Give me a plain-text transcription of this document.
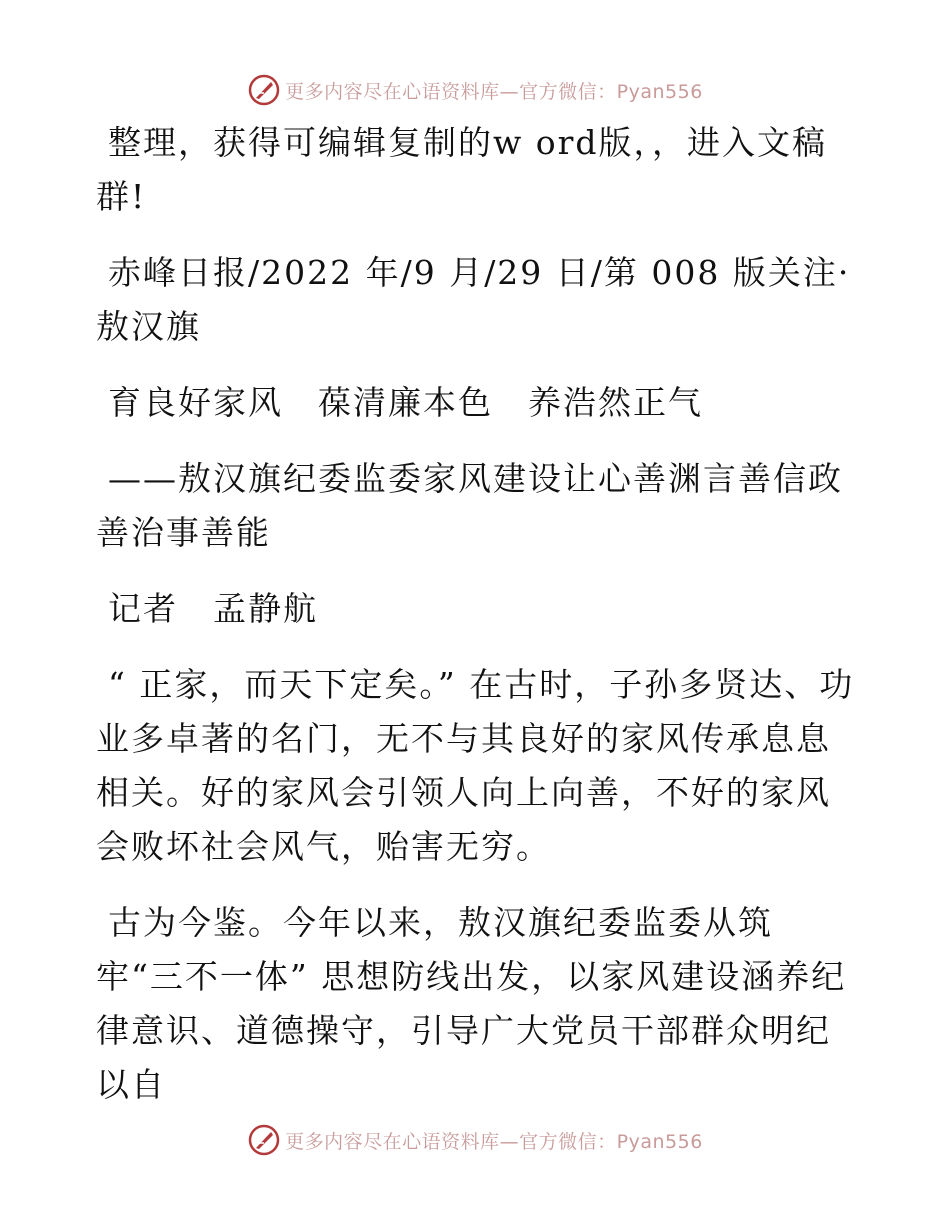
更多内容尽在心语资料库—官方微信：Pyan556

整理，获得可编辑复制的w ord版，，进入文稿群!

赤峰日报/2022 年/9 月/29 日/第 008 版关注·敖汉旗

育良好家风　葆清廉本色　养浩然正气

——敖汉旗纪委监委家风建设让心善渊言善信政善治事善能

记者　孟静航

“ 正家，而天下定矣。” 在古时，子孙多贤达、功业多卓著的名门，无不与其良好的家风传承息息相关。好的家风会引领人向上向善，不好的家风会败坏社会风气，贻害无穷。

古为今鉴。今年以来，敖汉旗纪委监委从筑牢“三不一体” 思想防线出发，以家风建设涵养纪律意识、道德操守，引导广大党员干部群众明纪以自

更多内容尽在心语资料库—官方微信：Pyan556
